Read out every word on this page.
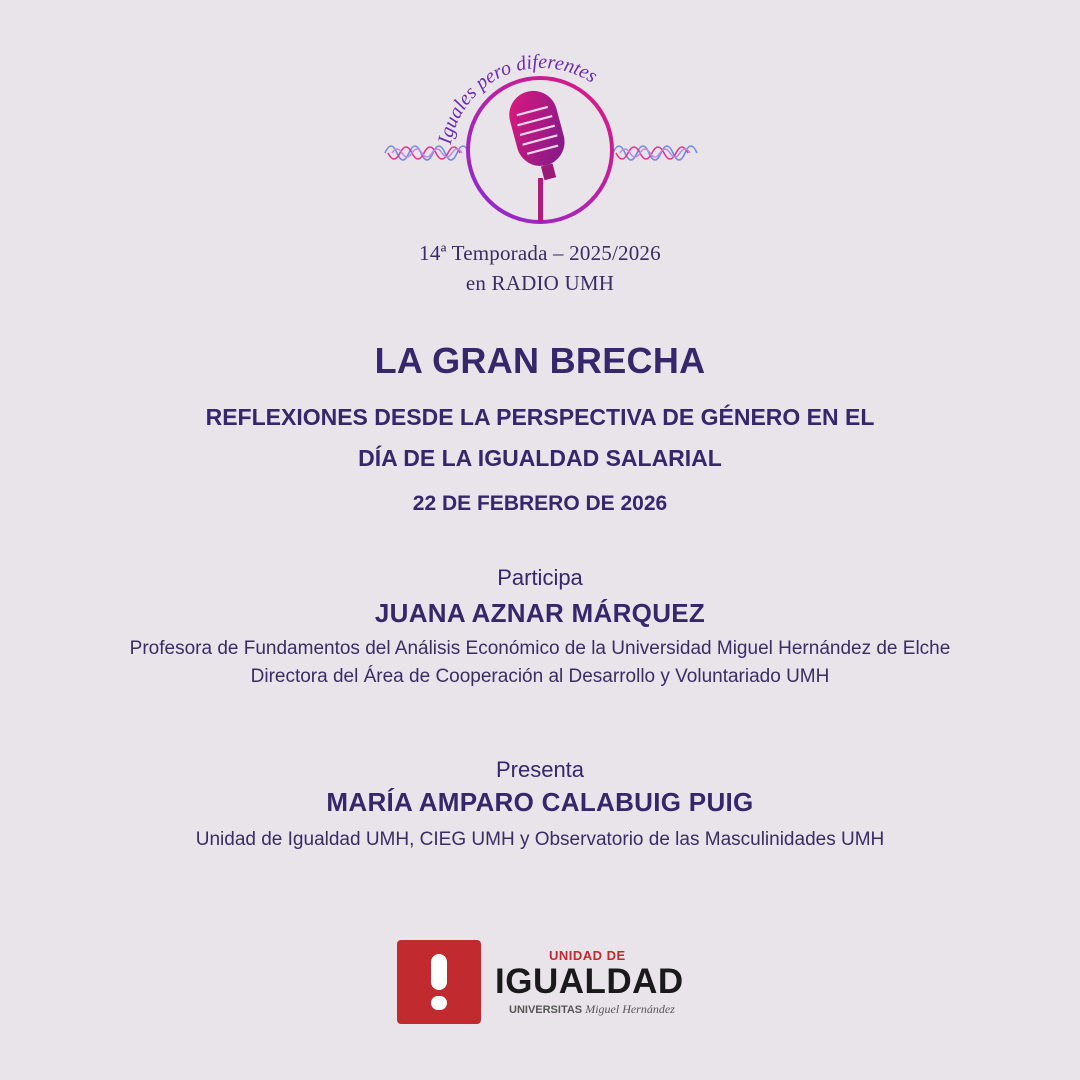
Iguales pero diferentes
14ª Temporada – 2025/2026
en RADIO UMH
LA GRAN BRECHA
REFLEXIONES DESDE LA PERSPECTIVA DE GÉNERO EN EL
DÍA DE LA IGUALDAD SALARIAL
22 DE FEBRERO DE 2026
Participa
JUANA AZNAR MÁRQUEZ
Profesora de Fundamentos del Análisis Económico de la Universidad Miguel Hernández de Elche
Directora del Área de Cooperación al Desarrollo y Voluntariado UMH
Presenta
MARÍA AMPARO CALABUIG PUIG
Unidad de Igualdad UMH, CIEG UMH y Observatorio de las Masculinidades UMH
UNIDAD DE
IGUALDAD
UNIVERSITAS Miguel Hernández
